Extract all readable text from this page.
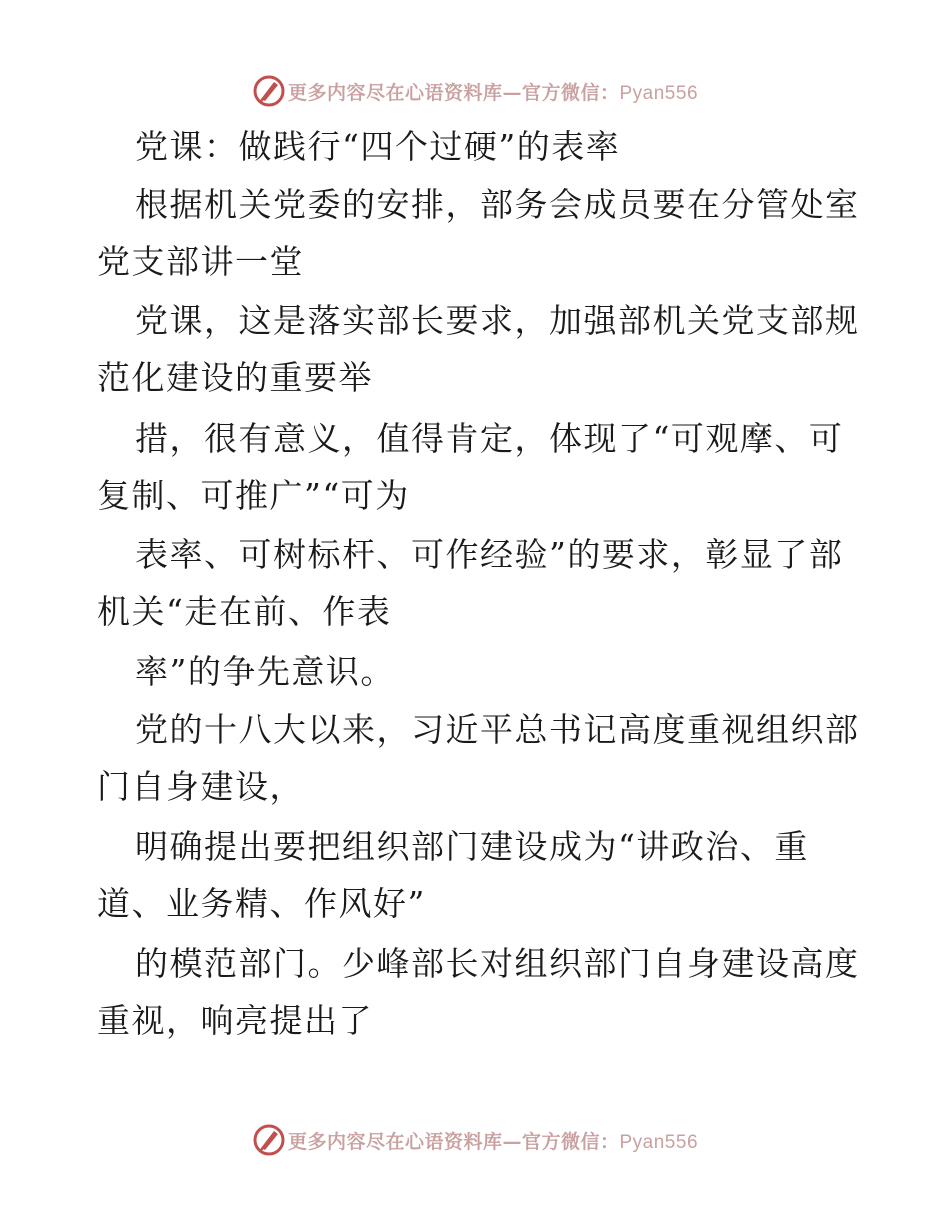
更多内容尽在心语资料库—官方微信：Pyan556
党课：做践行“四个过硬”的表率
根据机关党委的安排，部务会成员要在分管处室
党支部讲一堂
党课，这是落实部长要求，加强部机关党支部规
范化建设的重要举
措，很有意义，值得肯定，体现了“可观摩、可
复制、可推广”“可为
表率、可树标杆、可作经验”的要求，彰显了部
机关“走在前、作表
率”的争先意识。
党的十八大以来，习近平总书记高度重视组织部
门自身建设，
明确提出要把组织部门建设成为“讲政治、重
道、业务精、作风好”
的模范部门。少峰部长对组织部门自身建设高度
重视，响亮提出了
更多内容尽在心语资料库—官方微信：Pyan556
